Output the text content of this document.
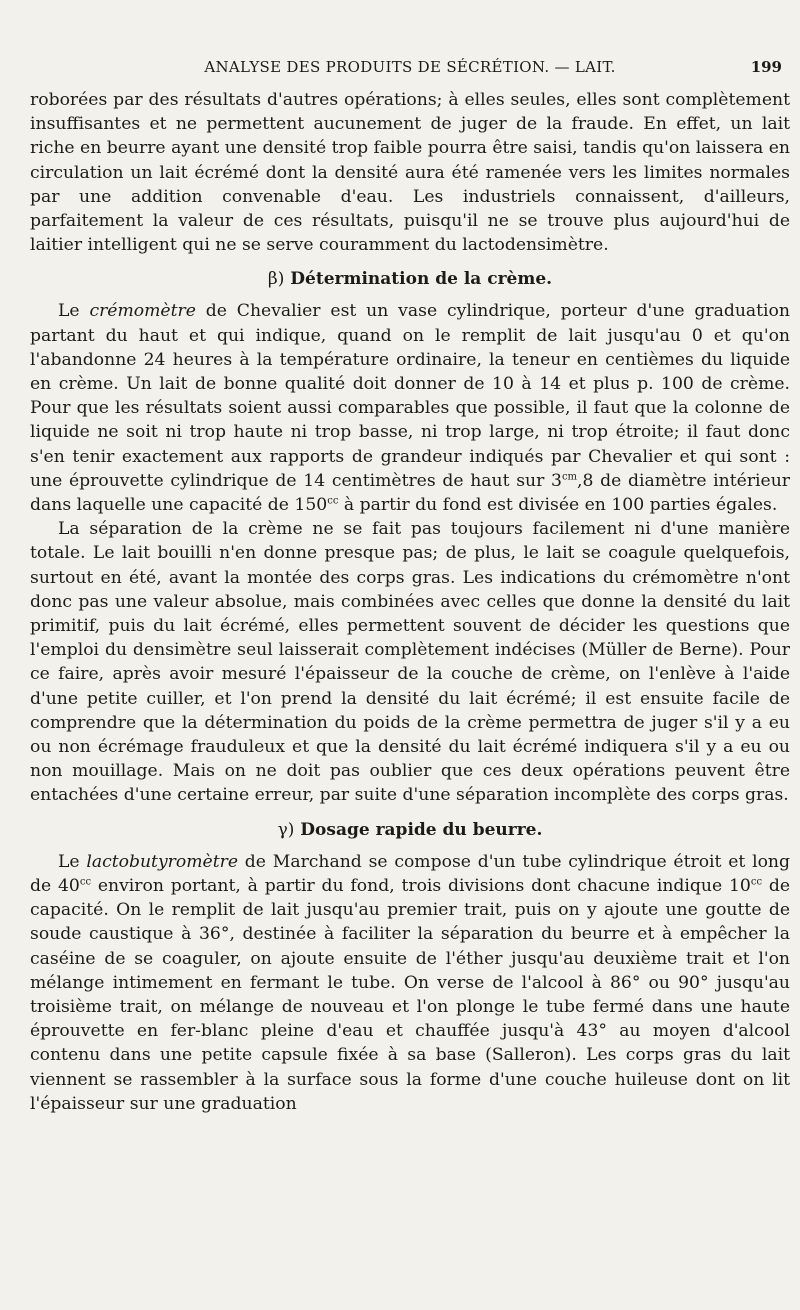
ANALYSE DES PRODUITS DE SÉCRÉTION. — LAIT.	199

roborées par des résultats d'autres opérations; à elles seules, elles sont complètement insuffisantes et ne permettent aucunement de juger de la fraude. En effet, un lait riche en beurre ayant une densité trop faible pourra être saisi, tandis qu'on laissera en circulation un lait écrémé dont la densité aura été ramenée vers les limites normales par une addition convenable d'eau. Les industriels connaissent, d'ailleurs, parfaitement la valeur de ces résultats, puisqu'il ne se trouve plus aujourd'hui de laitier intelligent qui ne se serve couramment du lactodensimètre.

β) Détermination de la crème.

Le crémomètre de Chevalier est un vase cylindrique, porteur d'une graduation partant du haut et qui indique, quand on le remplit de lait jusqu'au 0 et qu'on l'abandonne 24 heures à la température ordinaire, la teneur en centièmes du liquide en crème. Un lait de bonne qualité doit donner de 10 à 14 et plus p. 100 de crème. Pour que les résultats soient aussi comparables que possible, il faut que la colonne de liquide ne soit ni trop haute ni trop basse, ni trop large, ni trop étroite; il faut donc s'en tenir exactement aux rapports de grandeur indiqués par Chevalier et qui sont : une éprouvette cylindrique de 14 centimètres de haut sur $3^{cm},8$ de diamètre intérieur dans laquelle une capacité de $150^{cc}$ à partir du fond est divisée en 100 parties égales.

La séparation de la crème ne se fait pas toujours facilement ni d'une manière totale. Le lait bouilli n'en donne presque pas; de plus, le lait se coagule quelquefois, surtout en été, avant la montée des corps gras. Les indications du crémomètre n'ont donc pas une valeur absolue, mais combinées avec celles que donne la densité du lait primitif, puis du lait écrémé, elles permettent souvent de décider les questions que l'emploi du densimètre seul laisserait complètement indécises (Müller de Berne). Pour ce faire, après avoir mesuré l'épaisseur de la couche de crème, on l'enlève à l'aide d'une petite cuiller, et l'on prend la densité du lait écrémé; il est ensuite facile de comprendre que la détermination du poids de la crème permettra de juger s'il y a eu ou non écrémage frauduleux et que la densité du lait écrémé indiquera s'il y a eu ou non mouillage. Mais on ne doit pas oublier que ces deux opérations peuvent être entachées d'une certaine erreur, par suite d'une séparation incomplète des corps gras.

γ) Dosage rapide du beurre.

Le lactobutyromètre de Marchand se compose d'un tube cylindrique étroit et long de $40^{cc}$ environ portant, à partir du fond, trois divisions dont chacune indique $10^{cc}$ de capacité. On le remplit de lait jusqu'au premier trait, puis on y ajoute une goutte de soude caustique à 36°, destinée à faciliter la séparation du beurre et à empêcher la caséine de se coaguler, on ajoute ensuite de l'éther jusqu'au deuxième trait et l'on mélange intimement en fermant le tube. On verse de l'alcool à 86° ou 90° jusqu'au troisième trait, on mélange de nouveau et l'on plonge le tube fermé dans une haute éprouvette en fer-blanc pleine d'eau et chauffée jusqu'à 43° au moyen d'alcool contenu dans une petite capsule fixée à sa base (Salleron). Les corps gras du lait viennent se rassembler à la surface sous la forme d'une couche huileuse dont on lit l'épaisseur sur une graduation
